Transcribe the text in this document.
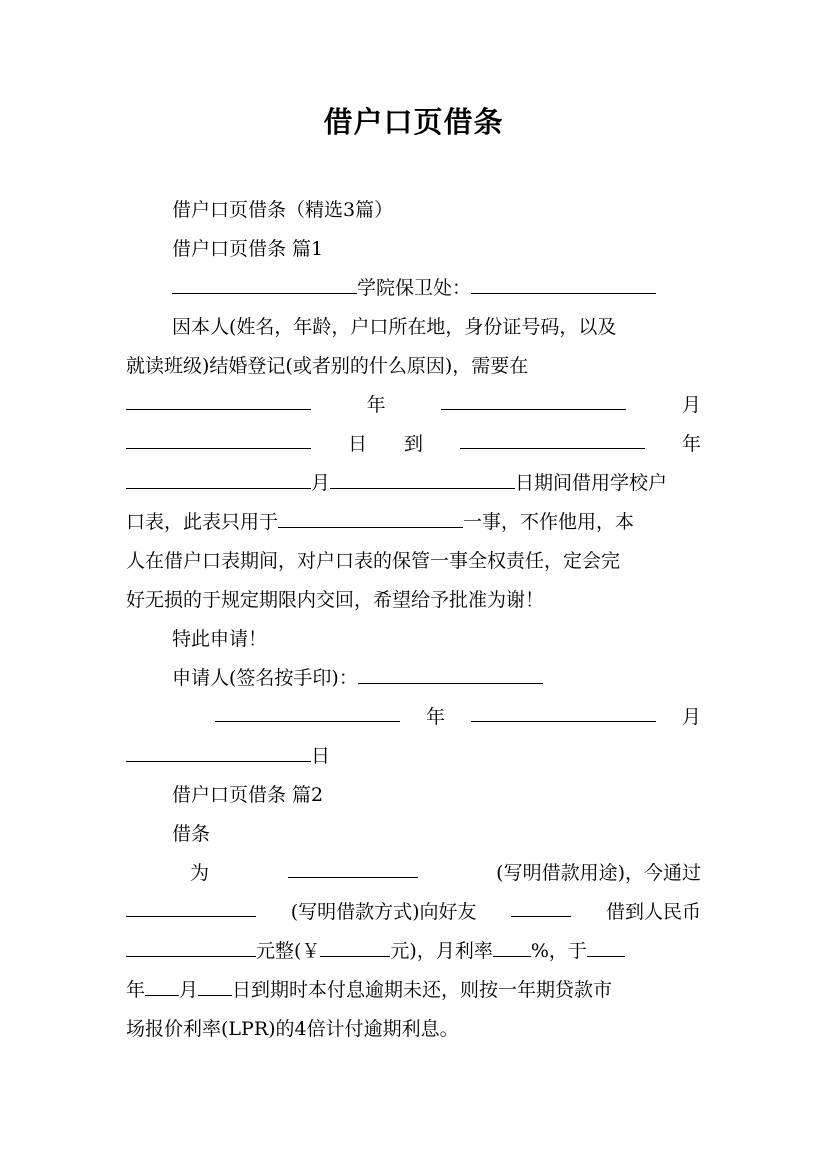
借户口页借条
借户口页借条（精选3篇）
借户口页借条 篇1
学院保卫处：
因本人(姓名，年龄，户口所在地，身份证号码，以及
就读班级)结婚登记(或者别的什么原因)，需要在
年	月
日 到	年
月	日期间借用学校户
口表，此表只用于	一事，不作他用，本
人在借户口表期间，对户口表的保管一事全权责任，定会完
好无损的于规定期限内交回，希望给予批准为谢！
特此申请！
申请人(签名按手印)：
年	月
日
借户口页借条 篇2
借条
为	(写明借款用途)，今通过
(写明借款方式)向好友	借到人民币
元整(￥	元)，月利率 %，于
年 月 日到期时本付息逾期未还，则按一年期贷款市
场报价利率(LPR)的4倍计付逾期利息。
